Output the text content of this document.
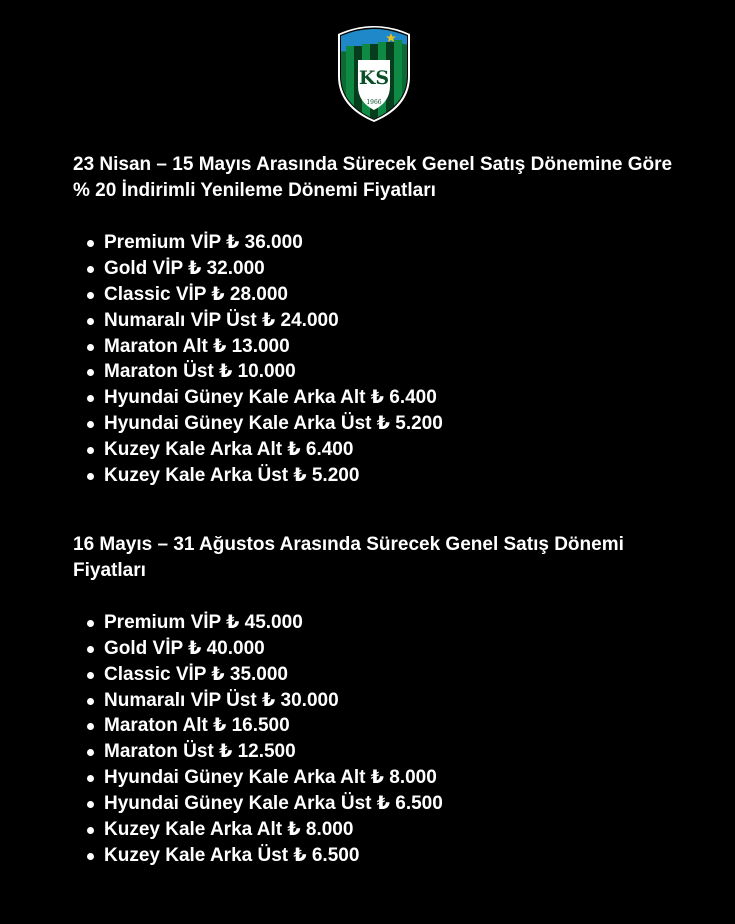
KS
1966
23 Nisan – 15 Mayıs Arasında Sürecek Genel Satış Dönemine Göre % 20 İndirimli Yenileme Dönemi Fiyatları
Premium VİP ₺ 36.000
Gold VİP ₺ 32.000
Classic VİP ₺ 28.000
Numaralı VİP Üst ₺ 24.000
Maraton Alt ₺ 13.000
Maraton Üst ₺ 10.000
Hyundai Güney Kale Arka Alt ₺ 6.400
Hyundai Güney Kale Arka Üst ₺ 5.200
Kuzey Kale Arka Alt ₺ 6.400
Kuzey Kale Arka Üst ₺ 5.200
16 Mayıs – 31 Ağustos Arasında Sürecek Genel Satış Dönemi Fiyatları
Premium VİP ₺ 45.000
Gold VİP ₺ 40.000
Classic VİP ₺ 35.000
Numaralı VİP Üst ₺ 30.000
Maraton Alt ₺ 16.500
Maraton Üst ₺ 12.500
Hyundai Güney Kale Arka Alt ₺ 8.000
Hyundai Güney Kale Arka Üst ₺ 6.500
Kuzey Kale Arka Alt ₺ 8.000
Kuzey Kale Arka Üst ₺ 6.500
